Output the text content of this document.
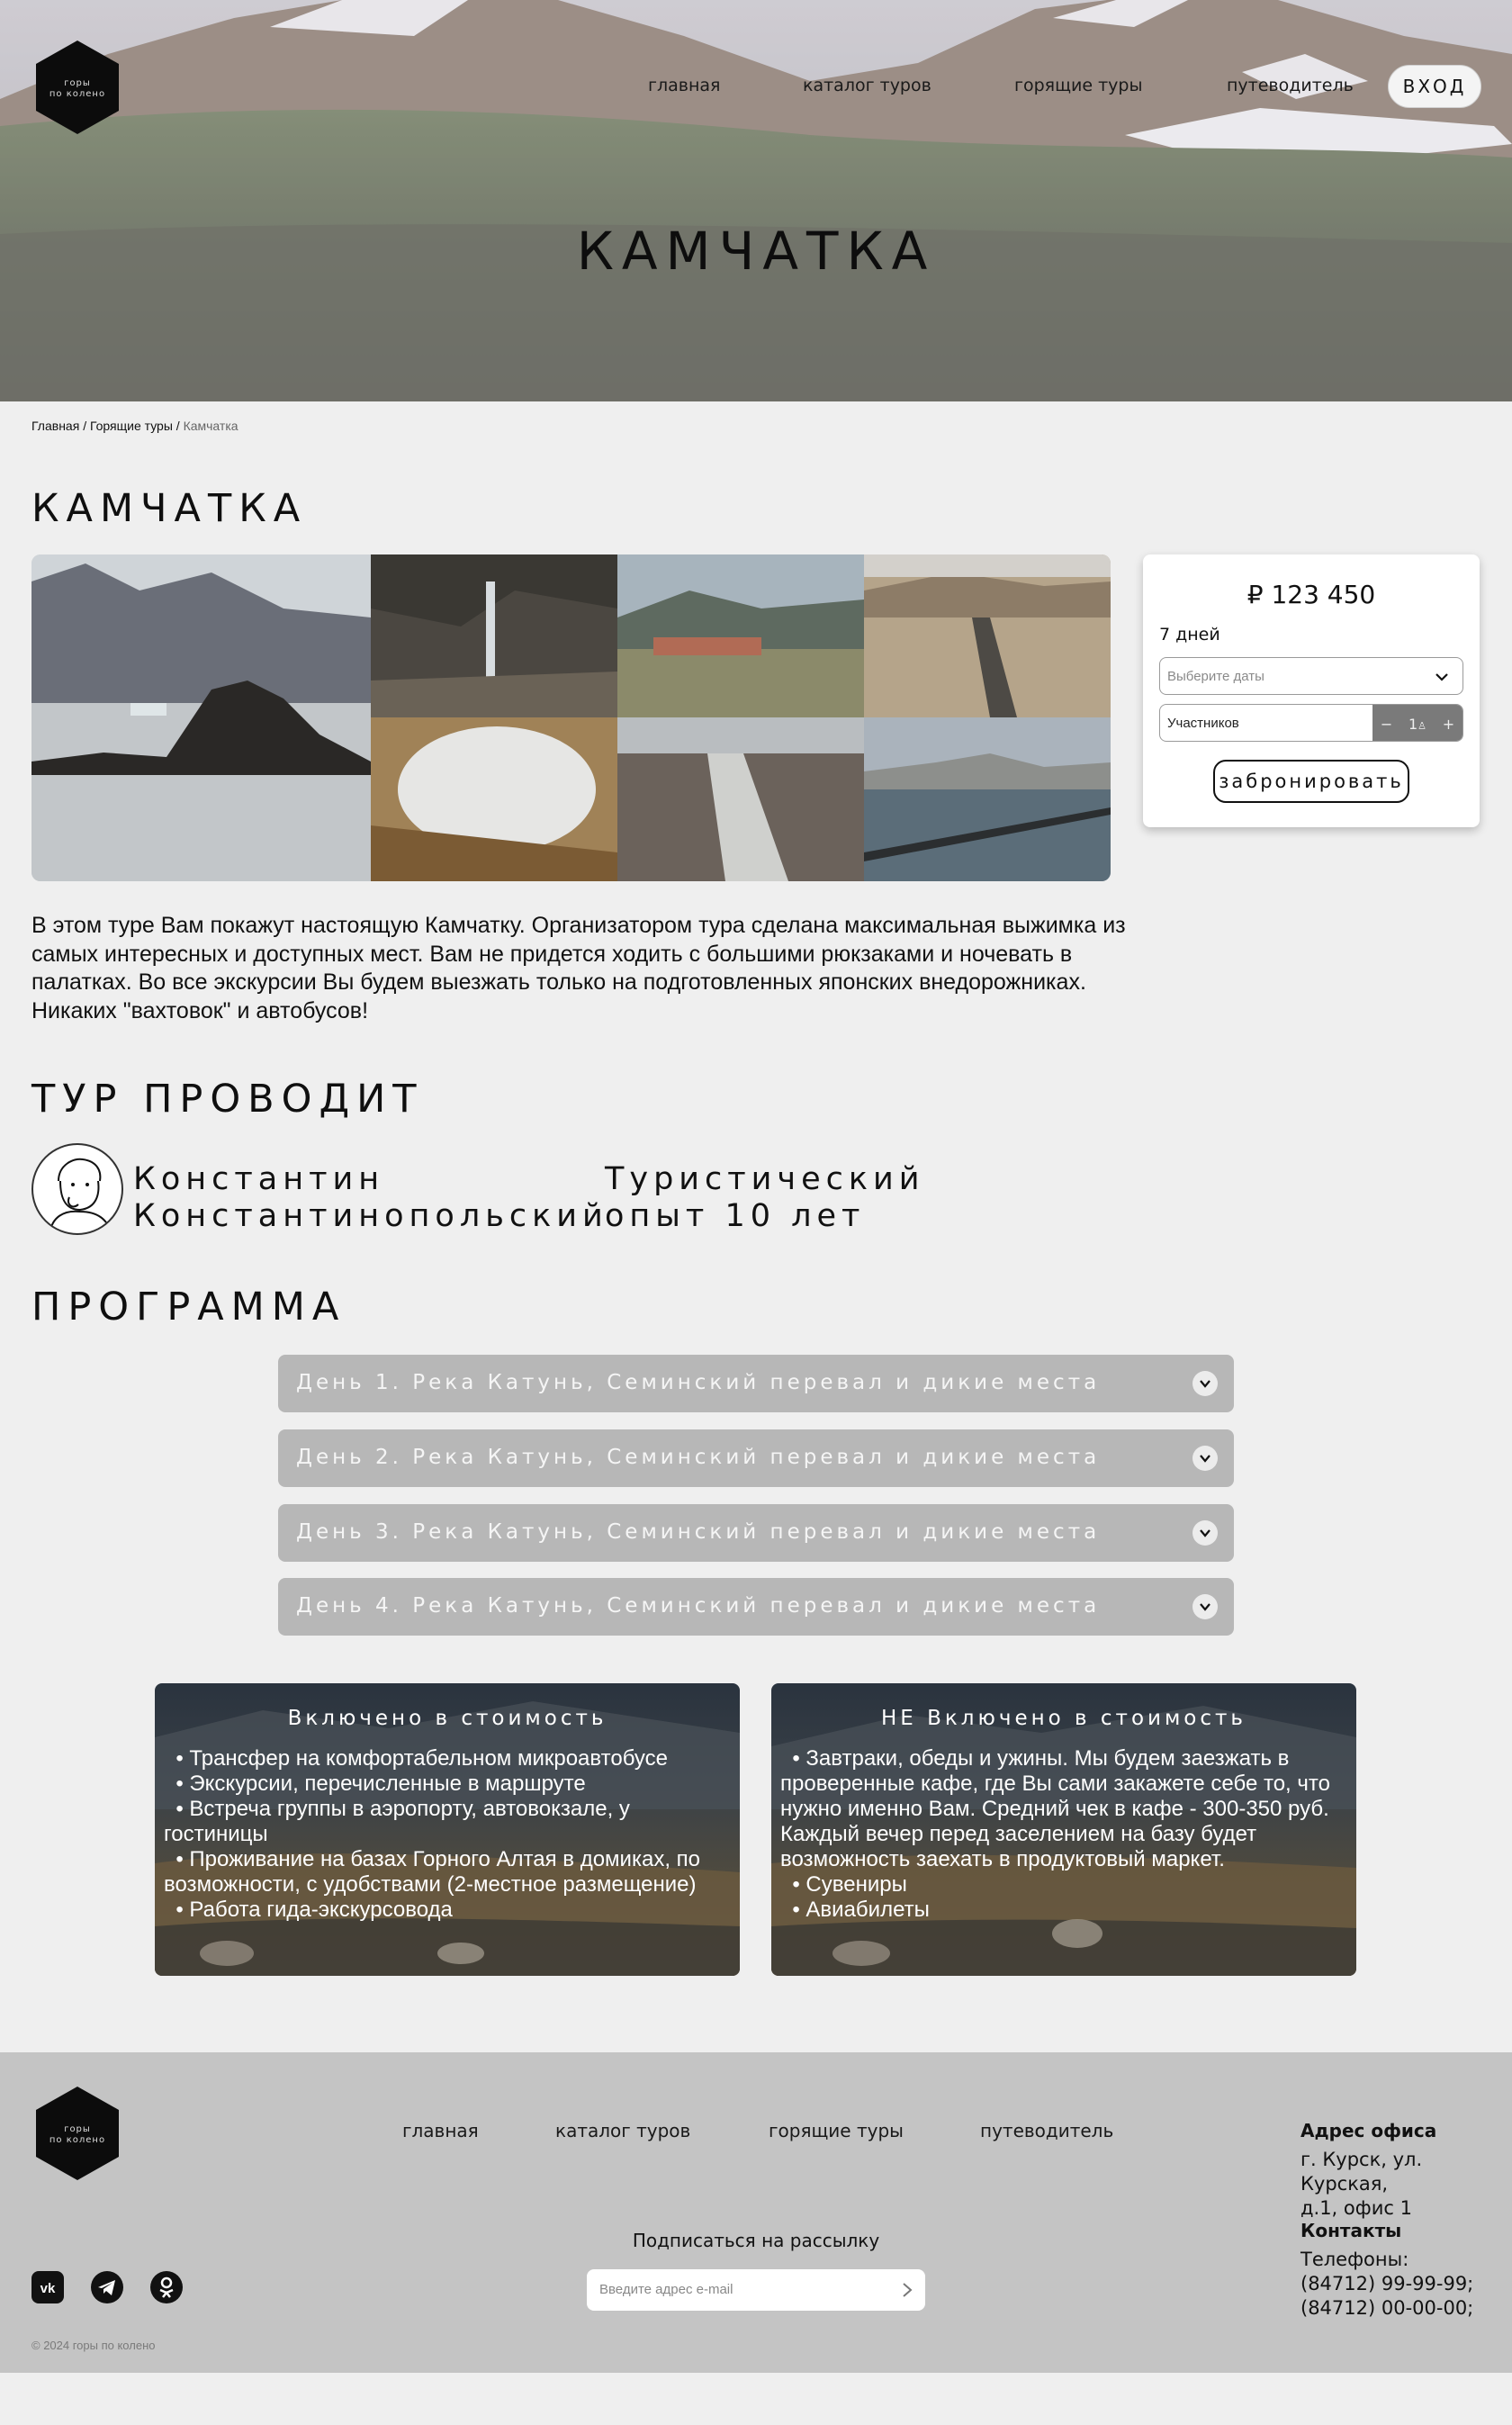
горы
по колено	главная	каталог туров	горящие туры	путеводитель	ВХОД
КАМЧАТКА
Главная / Горящие туры / Камчатка
КАМЧАТКА
₽ 123 450
7 дней
Выберите даты
Участников	− 1♙ +
забронировать

В этом туре Вам покажут настоящую Камчатку. Организатором тура сделана максимальная выжимка из самых интересных и доступных мест. Вам не придется ходить с большими рюкзаками и ночевать в палатках. Во все экскурсии Вы будем выезжать только на подготовленных японских внедорожниках. Никаких "вахтовок" и автобусов!

ТУР ПРОВОДИТ
Константин
Константинопольский
Туристический
опыт 10 лет
ПРОГРАММА
День 1. Река Катунь, Семинский перевал и дикие места
День 2. Река Катунь, Семинский перевал и дикие места
День 3. Река Катунь, Семинский перевал и дикие места
День 4. Река Катунь, Семинский перевал и дикие места
Включено в стоимость
• Трансфер на комфортабельном микроавтобусе
• Экскурсии, перечисленные в маршруте
• Встреча группы в аэропорту, автовокзале, у гостиницы
• Проживание на базах Горного Алтая в домиках, по возможности, с удобствами (2-местное размещение)
• Работа гида-экскурсовода
НЕ Включено в стоимость
• Завтраки, обеды и ужины. Мы будем заезжать в проверенные кафе, где Вы сами закажете себе то, что нужно именно Вам. Средний чек в кафе - 300-350 руб. Каждый вечер перед заселением на базу будет возможность заехать в продуктовый маркет.
• Сувениры
• Авиабилеты
горы
по колено	главная	каталог туров	горящие туры	путеводитель
Подписаться на рассылку
Введите адрес e-mail
vk
© 2024 горы по колено
Адрес офиса
г. Курск, ул. Курская,
д.1, офис 1
Контакты
Телефоны:
(84712) 99-99-99;
(84712) 00-00-00;
